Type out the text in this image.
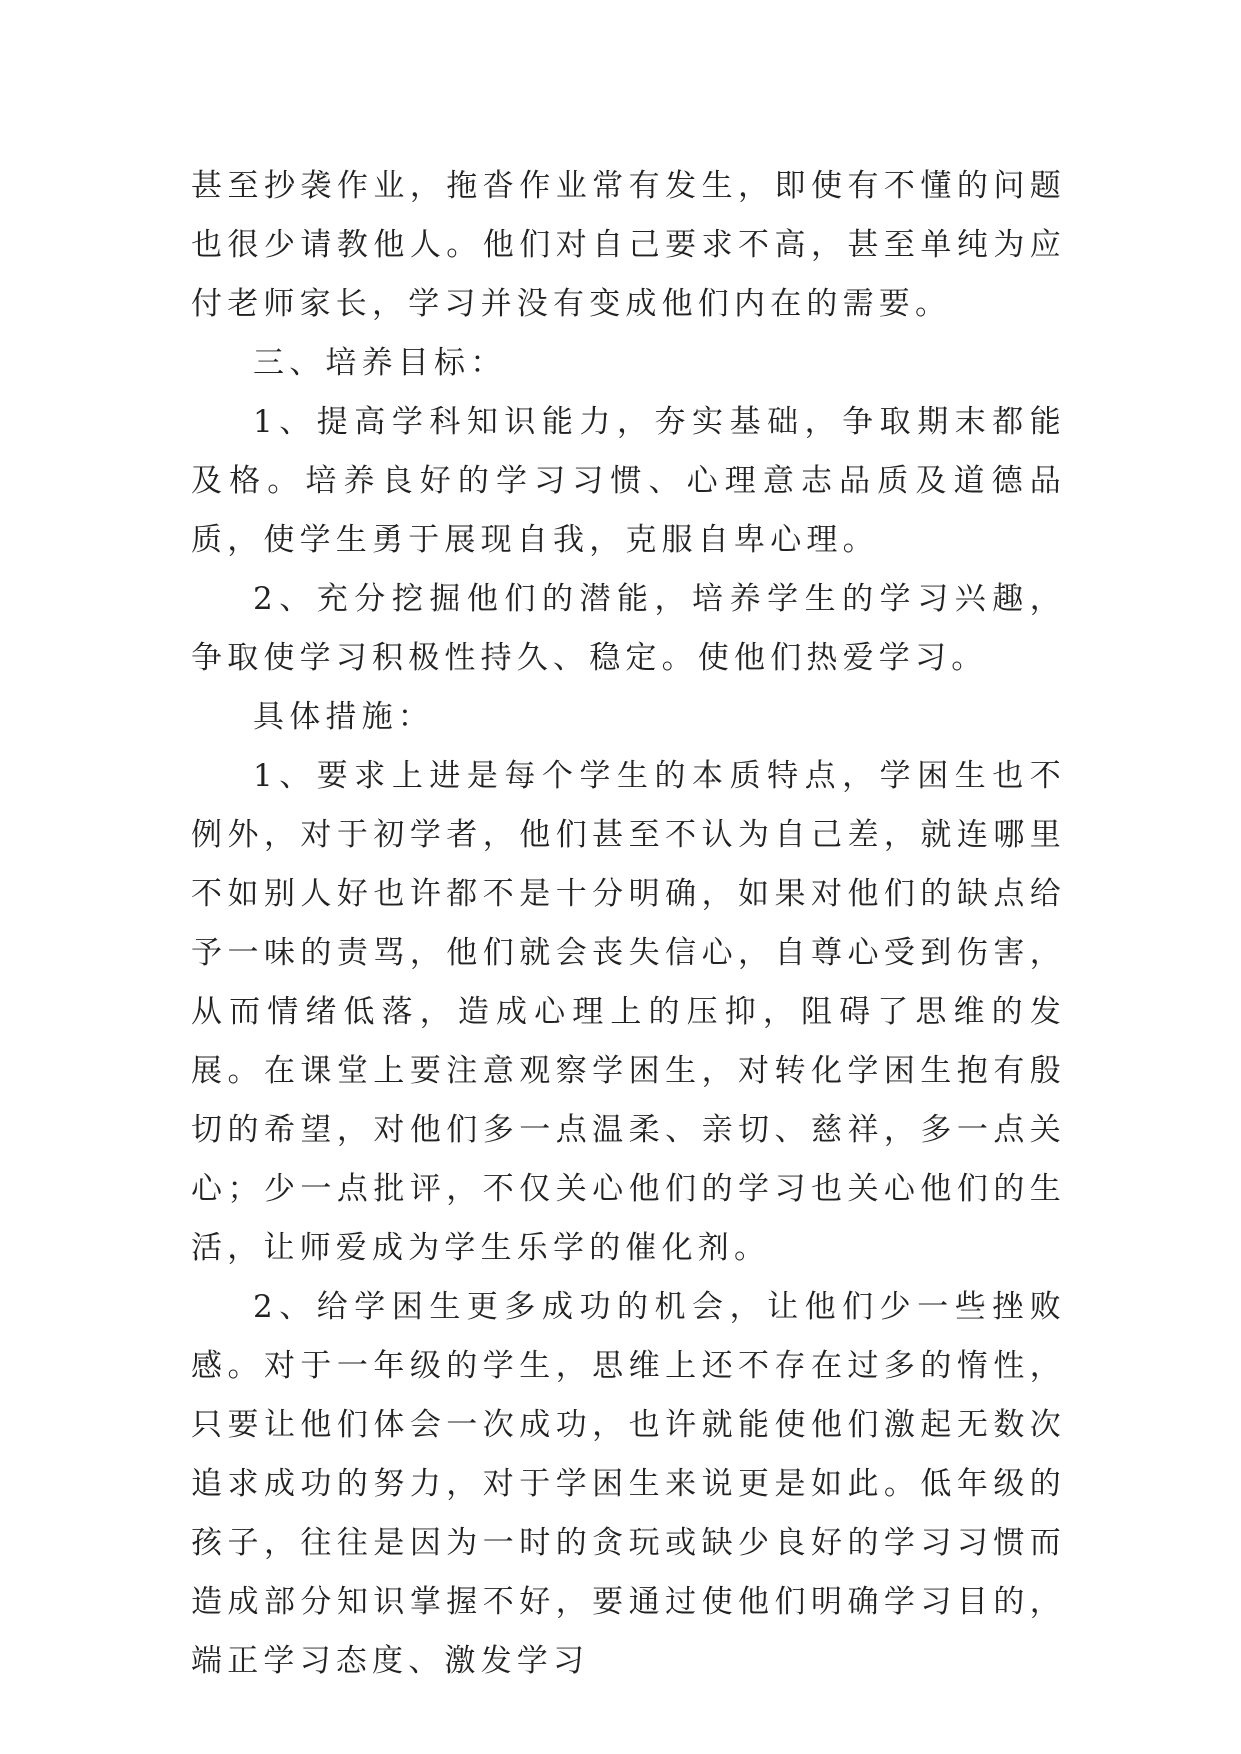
甚至抄袭作业，拖沓作业常有发生，即使有不懂的问题也很少请教他人。他们对自己要求不高，甚至单纯为应付老师家长，学习并没有变成他们内在的需要。

三、培养目标：

1、提高学科知识能力，夯实基础，争取期末都能及格。培养良好的学习习惯、心理意志品质及道德品质，使学生勇于展现自我，克服自卑心理。

2、充分挖掘他们的潜能，培养学生的学习兴趣，争取使学习积极性持久、稳定。使他们热爱学习。

具体措施：

1、要求上进是每个学生的本质特点，学困生也不例外，对于初学者，他们甚至不认为自己差，就连哪里不如别人好也许都不是十分明确，如果对他们的缺点给予一味的责骂，他们就会丧失信心，自尊心受到伤害，从而情绪低落，造成心理上的压抑，阻碍了思维的发展。在课堂上要注意观察学困生，对转化学困生抱有殷切的希望，对他们多一点温柔、亲切、慈祥，多一点关心；少一点批评，不仅关心他们的学习也关心他们的生活，让师爱成为学生乐学的催化剂。

2、给学困生更多成功的机会，让他们少一些挫败感。对于一年级的学生，思维上还不存在过多的惰性，只要让他们体会一次成功，也许就能使他们激起无数次追求成功的努力，对于学困生来说更是如此。低年级的孩子，往往是因为一时的贪玩或缺少良好的学习习惯而造成部分知识掌握不好，要通过使他们明确学习目的，端正学习态度、激发学习
